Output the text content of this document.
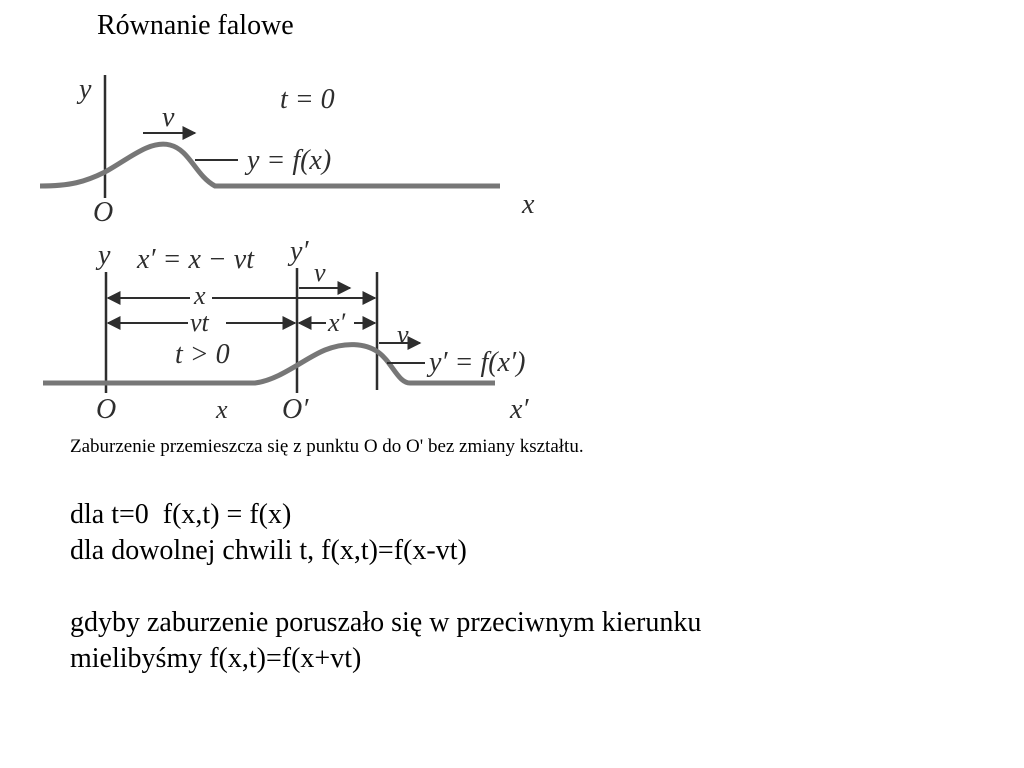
Równanie falowe
y	t = 0
v
y = f(x)
O	x
y x′ = x − vt y′
v
x
vt	x′
t > 0
v
y′ = f(x′)
O	x O′	x′
Zaburzenie przemieszcza się z punktu O do O' bez zmiany kształtu.
dla t=0  f(x,t) = f(x)
dla dowolnej chwili t, f(x,t)=f(x-vt)
gdyby zaburzenie poruszało się w przeciwnym kierunku
mielibyśmy f(x,t)=f(x+vt)
